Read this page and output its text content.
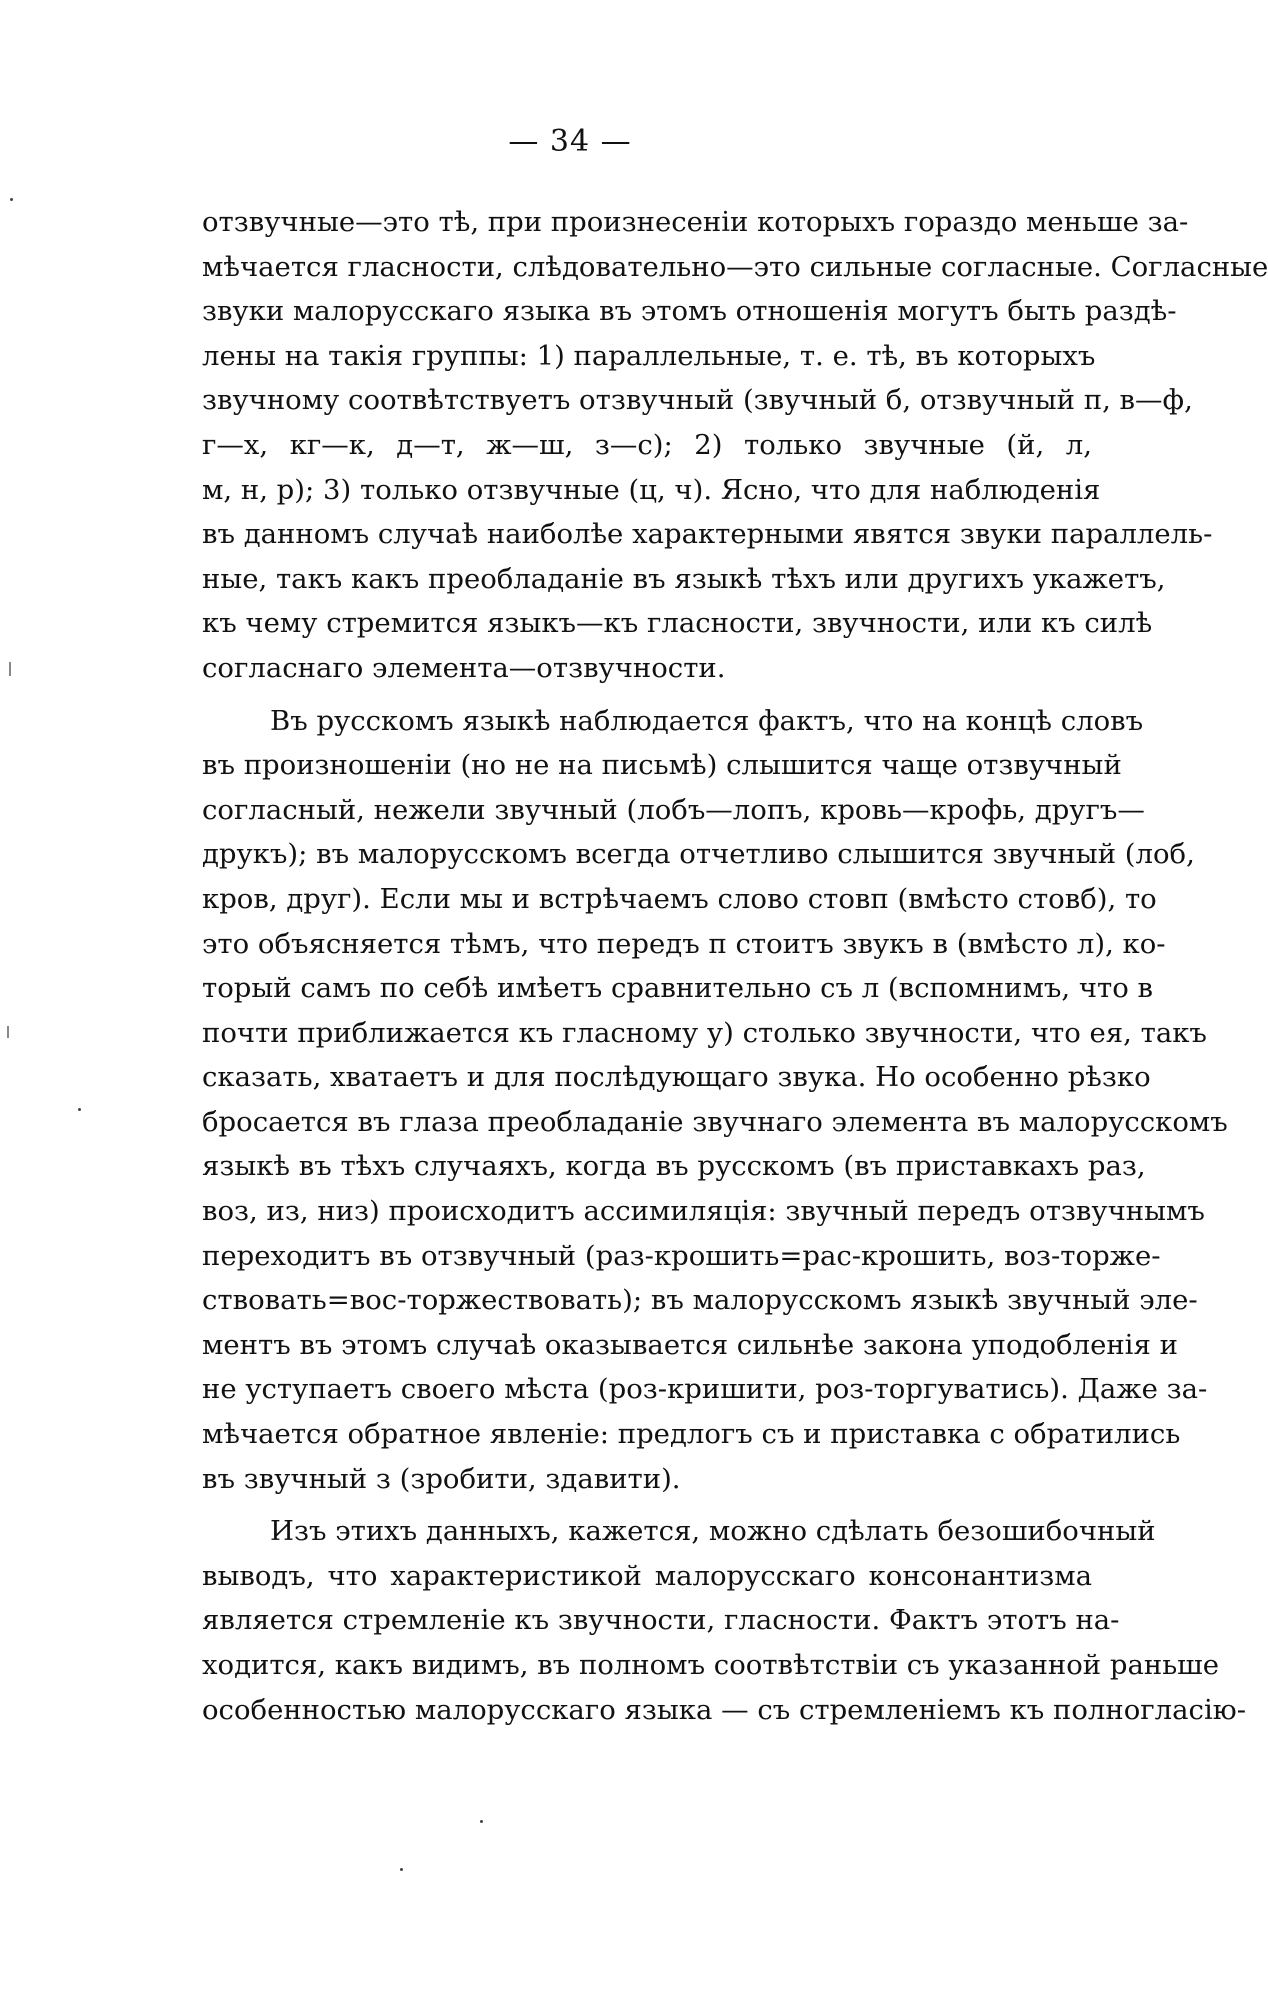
— 34 —
отзвучные—это тѣ, при произнесеніи которыхъ гораздо меньше за-
мѣчается гласности, слѣдовательно—это сильные согласные. Согласные
звуки малорусскаго языка въ этомъ отношенія могутъ быть раздѣ-
лены на такія группы: 1) параллельные, т. е. тѣ, въ которыхъ
звучному соотвѣтствуетъ отзвучный (звучный б, отзвучный п, в—ф,
г—х, кг—к, д—т, ж—ш, з—с); 2) только звучные (й, л,
м, н, р); 3) только отзвучные (ц, ч). Ясно, что для наблюденія
въ данномъ случаѣ наиболѣе характерными явятся звуки параллель-
ные, такъ какъ преобладаніе въ языкѣ тѣхъ или другихъ укажетъ,
къ чему стремится языкъ—къ гласности, звучности, или къ силѣ
согласнаго элемента—отзвучности.
Въ русскомъ языкѣ наблюдается фактъ, что на концѣ словъ
въ произношеніи (но не на письмѣ) слышится чаще отзвучный
согласный, нежели звучный (лобъ—лопъ, кровь—крофь, другъ—
друкъ); въ малорусскомъ всегда отчетливо слышится звучный (лоб,
кров, друг). Если мы и встрѣчаемъ слово стовп (вмѣсто стовб), то
это объясняется тѣмъ, что передъ п стоитъ звукъ в (вмѣсто л), ко-
торый самъ по себѣ имѣетъ сравнительно съ л (вспомнимъ, что в
почти приближается къ гласному у) столько звучности, что ея, такъ
сказать, хватаетъ и для послѣдующаго звука. Но особенно рѣзко
бросается въ глаза преобладаніе звучнаго элемента въ малорусскомъ
языкѣ въ тѣхъ случаяхъ, когда въ русскомъ (въ приставкахъ раз,
воз, из, низ) происходитъ ассимиляція: звучный передъ отзвучнымъ
переходитъ въ отзвучный (раз-крошить=рас-крошить, воз-торже-
ствовать=вос-торжествовать); въ малорусскомъ языкѣ звучный эле-
ментъ въ этомъ случаѣ оказывается сильнѣе закона уподобленія и
не уступаетъ своего мѣста (роз-кришити, роз-торгуватись). Даже за-
мѣчается обратное явленіе: предлогъ съ и приставка с обратились
въ звучный з (зробити, здавити).
Изъ этихъ данныхъ, кажется, можно сдѣлать безошибочный
выводъ, что характеристикой малорусскаго консонантизма
является стремленіе къ звучности, гласности. Фактъ этотъ на-
ходится, какъ видимъ, въ полномъ соотвѣтствіи съ указанной раньше
особенностью малорусскаго языка — съ стремленіемъ къ полногласію-
